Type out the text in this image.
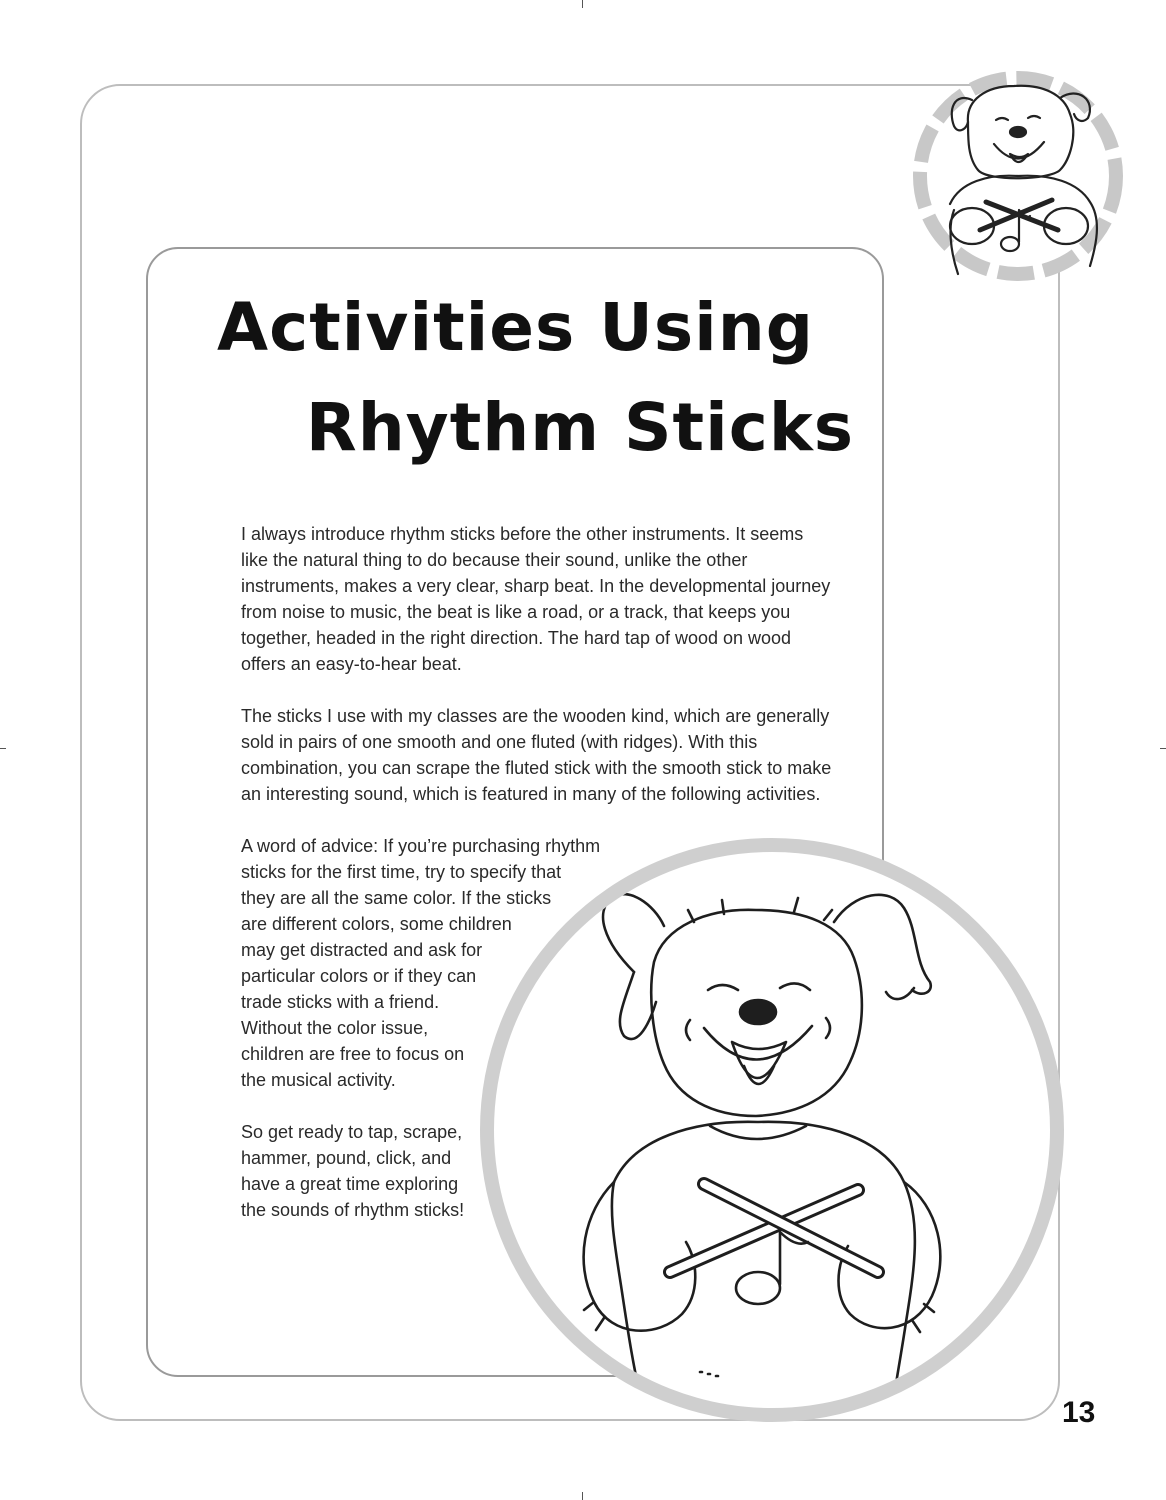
Activities Using
Rhythm Sticks

I always introduce rhythm sticks before the other instruments. It seems like the natural thing to do because their sound, unlike the other instruments, makes a very clear, sharp beat. In the developmental journey from noise to music, the beat is like a road, or a track, that keeps you together, headed in the right direction. The hard tap of wood on wood offers an easy-to-hear beat.

The sticks I use with my classes are the wooden kind, which are generally sold in pairs of one smooth and one fluted (with ridges). With this combination, you can scrape the fluted stick with the smooth stick to make an interesting sound, which is featured in many of the following activities.

A word of advice: If you’re purchasing rhythm
sticks for the first time, try to specify that
they are all the same color. If the sticks
are different colors, some children
may get distracted and ask for
particular colors or if they can
trade sticks with a friend.
Without the color issue,
children are free to focus on
the musical activity.

So get ready to tap, scrape,
hammer, pound, click, and
have a great time exploring
the sounds of rhythm sticks!

13
